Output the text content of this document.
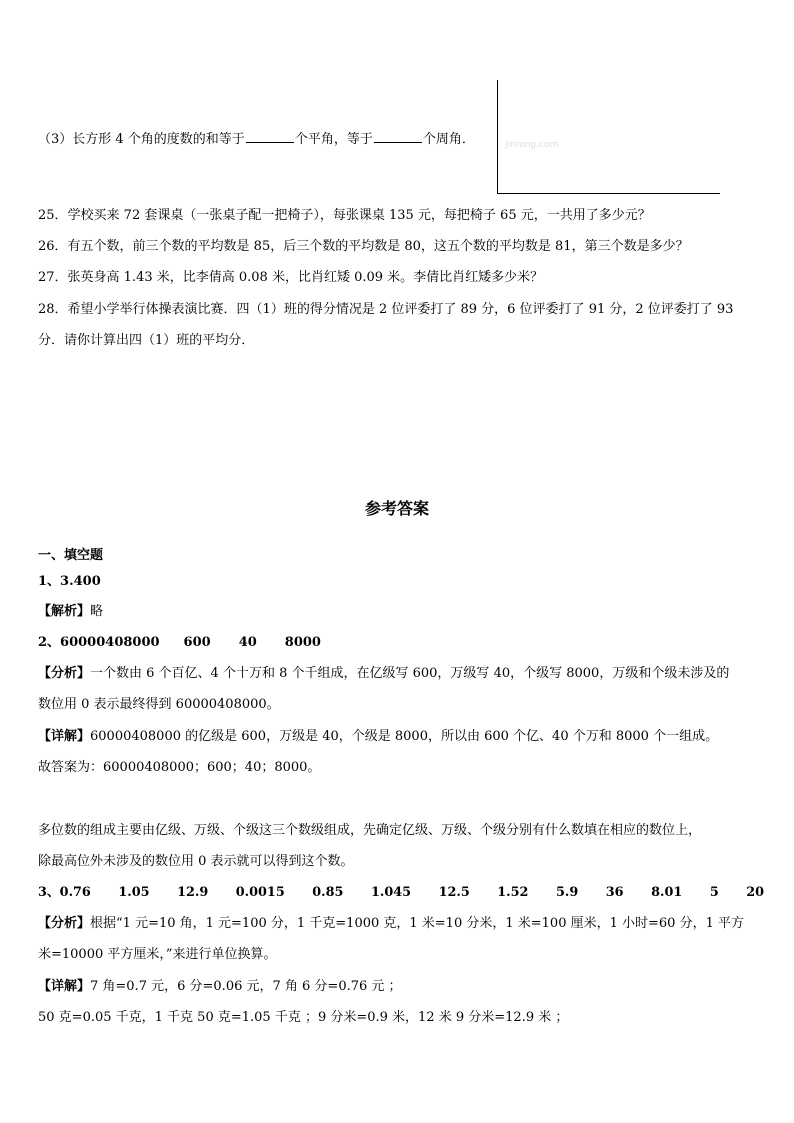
（3）长方形 4 个角的度数的和等于	个平角，等于	个周角．	jinrong.com
25．学校买来 72 套课桌（一张桌子配一把椅子），每张课桌 135 元，每把椅子 65 元，一共用了多少元？
26．有五个数，前三个数的平均数是 85，后三个数的平均数是 80，这五个数的平均数是 81，第三个数是多少？
27．张英身高 1.43 米，比李倩高 0.08 米，比肖红矮 0.09 米。李倩比肖红矮多少米？
28．希望小学举行体操表演比赛．四（1）班的得分情况是 2 位评委打了 89 分，6 位评委打了 91 分，2 位评委打了 93
分．请你计算出四（1）班的平均分．
参考答案
一、填空题
1、3.400
【解析】略
2、60000408000 600 40 8000
【分析】一个数由 6 个百亿、4 个十万和 8 个千组成，在亿级写 600，万级写 40，个级写 8000，万级和个级未涉及的
数位用 0 表示最终得到 60000408000。
【详解】60000408000 的亿级是 600，万级是 40，个级是 8000，所以由 600 个亿、40 个万和 8000 个一组成。
故答案为：60000408000；600；40；8000。
多位数的组成主要由亿级、万级、个级这三个数级组成，先确定亿级、万级、个级分别有什么数填在相应的数位上，
除最高位外未涉及的数位用 0 表示就可以得到这个数。
3、0.76 1.05 12.9 0.0015 0.85 1.045 12.5 1.52 5.9 36 8.01 5 20
【分析】根据“1 元=10 角，1 元=100 分，1 千克=1000 克，1 米=10 分米，1 米=100 厘米，1 小时=60 分，1 平方
米=10000 平方厘米，”来进行单位换算。
【详解】7 角=0.7 元，6 分=0.06 元，7 角 6 分=0.76 元 ；
50 克=0.05 千克，1 千克 50 克=1.05 千克 ；9 分米=0.9 米，12 米 9 分米=12.9 米 ；
